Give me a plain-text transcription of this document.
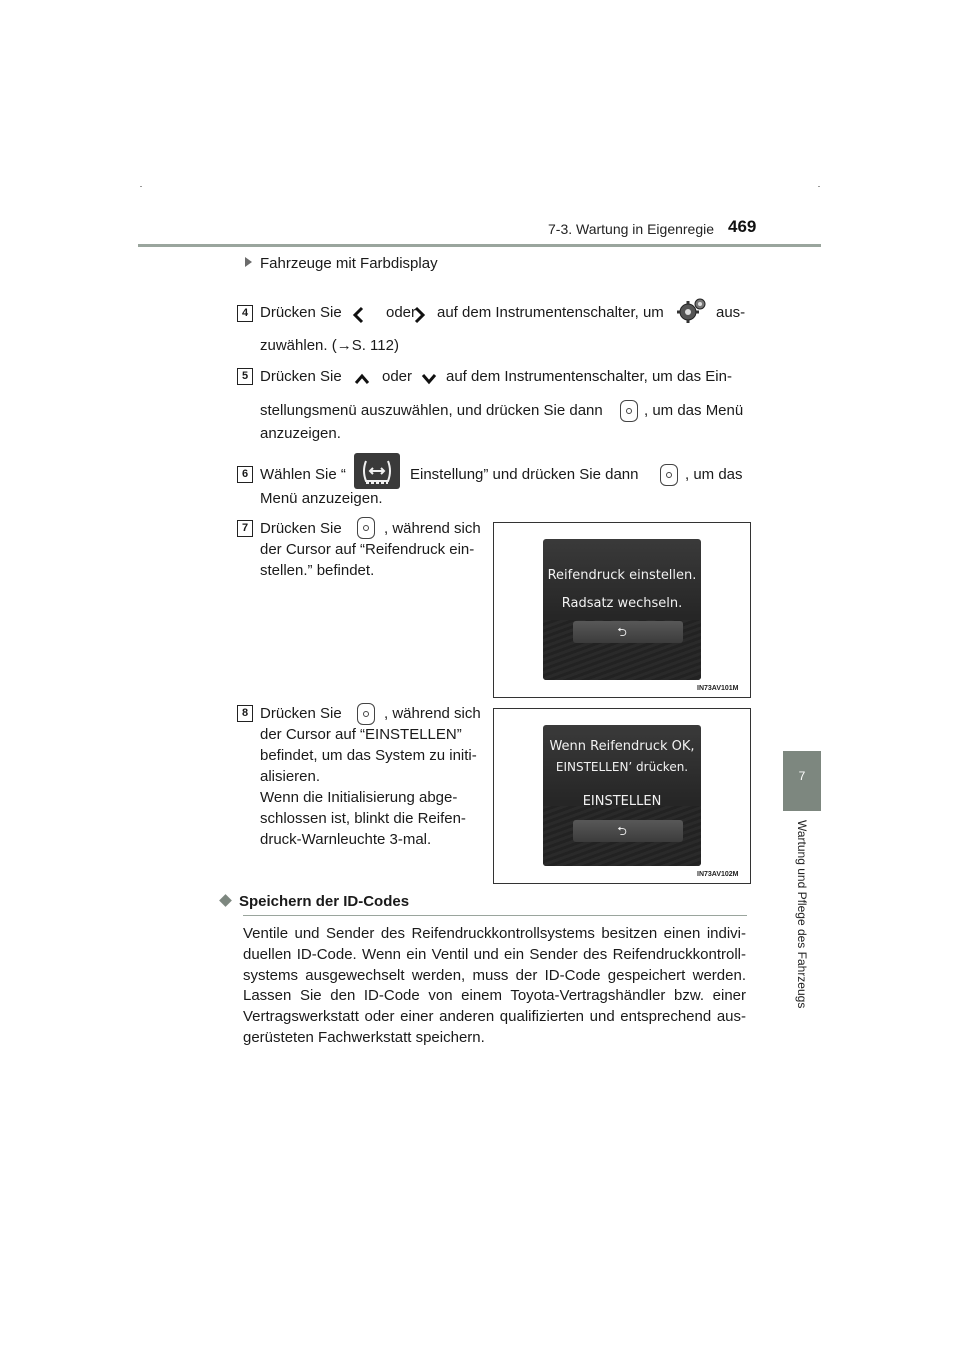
7-3. Wartung in Eigenregie 469
7
Wartung und Pflege des Fahrzeugs
Fahrzeuge mit Farbdisplay
4 Drücken Sie	oder auf dem Instrumentenschalter, um	aus-
zuwählen. (→S. 112)
5 Drücken Sie	oder auf dem Instrumentenschalter, um das Ein-
stellungsmenü auszuwählen, und drücken Sie dann	, um das Menü
anzuzeigen.
6 Wählen Sie “	Einstellung” und drücken Sie dann	, um das
Menü anzuzeigen.
7 Drücken Sie	, während sich
der Cursor auf “Reifendruck ein-
stellen.” befindet.	Reifendruck einstellen.
Radsatz wechseln.
⮌
IN73AV101M
8 Drücken Sie	, während sich
der Cursor auf “EINSTELLEN”
befindet, um das System zu initi-
alisieren.
Wenn die Initialisierung abge-
schlossen ist, blinkt die Reifen-
druck-Warnleuchte 3-mal.
Wenn Reifendruck OK,
EINSTELLEN’ drücken.
EINSTELLEN
⮌
IN73AV102M
Speichern der ID-Codes
Ventile und Sender des Reifendruckkontrollsystems besitzen einen indivi-duellen ID-Code. Wenn ein Ventil und ein Sender des Reifendruckkontroll-systems ausgewechselt werden, muss der ID-Code gespeichert werden. Lassen Sie den ID-Code von einem Toyota-Vertragshändler bzw. einer Vertragswerkstatt oder einer anderen qualifizierten und entsprechend aus-gerüsteten Fachwerkstatt speichern.
